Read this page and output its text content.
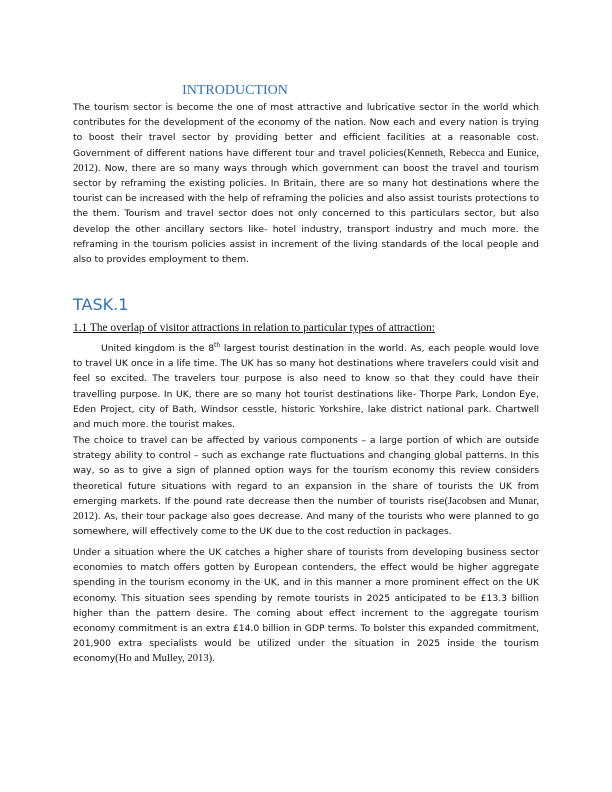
INTRODUCTION

The tourism sector is become the one of most attractive and lubricative sector in the world which contributes for the development of the economy of the nation. Now each and every nation is trying to boost their travel sector by providing better and efficient facilities at a reasonable cost. Government of different nations have different tour and travel policies(Kenneth, Rebecca and Eunice, 2012). Now, there are so many ways through which government can boost the travel and tourism sector by reframing the existing policies. In Britain, there are so many hot destinations where the tourist can be increased with the help of reframing the policies and also assist tourists protections to the them. Tourism and travel sector does not only concerned to this particulars sector, but also develop the other ancillary sectors like- hotel industry, transport industry and much more. the reframing in the tourism policies assist in increment of the living standards of the local people and also to provides employment to them.

TASK.1
1.1 The overlap of visitor attractions in relation to particular types of attraction:

United kingdom is the 8th largest tourist destination in the world. As, each people would love to travel UK once in a life time. The UK has so many hot destinations where travelers could visit and feel so excited. The travelers tour purpose is also need to know so that they could have their travelling purpose. In UK, there are so many hot tourist destinations like- Thorpe Park, London Eye, Eden Project, city of Bath, Windsor cesstle, historic Yorkshire, lake district national park. Chartwell and much more. the tourist makes.

The choice to travel can be affected by various components – a large portion of which are outside strategy ability to control – such as exchange rate fluctuations and changing global patterns. In this way, so as to give a sign of planned option ways for the tourism economy this review considers theoretical future situations with regard to an expansion in the share of tourists the UK from emerging markets. If the pound rate decrease then the number of tourists rise(Jacobsen and Munar, 2012). As, their tour package also goes decrease. And many of the tourists who were planned to go somewhere, will effectively come to the UK due to the cost reduction in packages.

Under a situation where the UK catches a higher share of tourists from developing business sector economies to match offers gotten by European contenders, the effect would be higher aggregate spending in the tourism economy in the UK, and in this manner a more prominent effect on the UK economy. This situation sees spending by remote tourists in 2025 anticipated to be £13.3 billion higher than the pattern desire. The coming about effect increment to the aggregate tourism economy commitment is an extra £14.0 billion in GDP terms. To bolster this expanded commitment, 201,900 extra specialists would be utilized under the situation in 2025 inside the tourism economy(Ho and Mulley, 2013).
